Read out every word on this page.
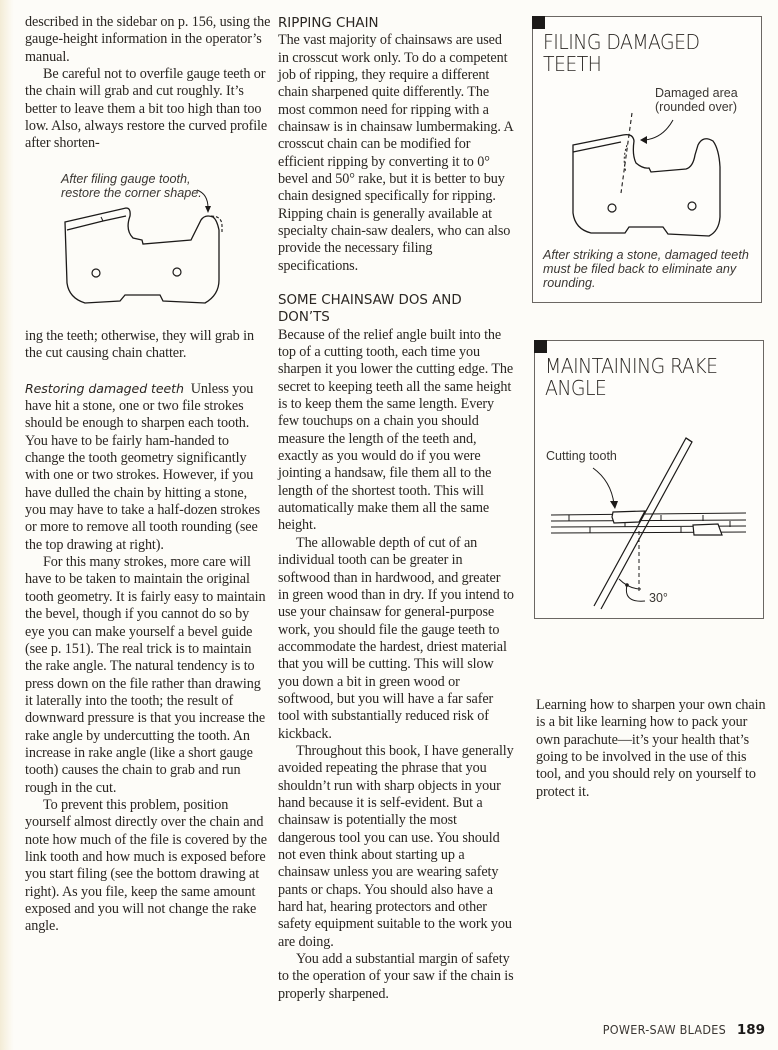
described in the sidebar on p. 156, using the gauge-height information in the operator’s manual.

Be careful not to overfile gauge teeth or the chain will grab and cut roughly. It’s better to leave them a bit too high than too low. Also, always restore the curved profile after shorten-

After filing gauge tooth,
restore the corner shape.

ing the teeth; otherwise, they will grab in the cut causing chain chatter.

Restoring damaged teeth Unless you have hit a stone, one or two file strokes should be enough to sharpen each tooth. You have to be fairly ham-handed to change the tooth geometry significantly with one or two strokes. However, if you have dulled the chain by hitting a stone, you may have to take a half-dozen strokes or more to remove all tooth rounding (see the top drawing at right).

For this many strokes, more care will have to be taken to maintain the original tooth geometry. It is fairly easy to maintain the bevel, though if you cannot do so by eye you can make yourself a bevel guide (see p. 151). The real trick is to maintain the rake angle. The natural tendency is to press down on the file rather than drawing it laterally into the tooth; the result of downward pressure is that you increase the rake angle by undercutting the tooth. An increase in rake angle (like a short gauge tooth) causes the chain to grab and run rough in the cut.

To prevent this problem, position yourself almost directly over the chain and note how much of the file is covered by the link tooth and how much is exposed before you start filing (see the bottom drawing at right). As you file, keep the same amount exposed and you will not change the rake angle.

RIPPING CHAIN

The vast majority of chainsaws are used in crosscut work only. To do a competent job of ripping, they require a different chain sharpened quite differently. The most common need for ripping with a chainsaw is in chainsaw lumbermaking. A crosscut chain can be modified for efficient ripping by converting it to 0° bevel and 50° rake, but it is better to buy chain designed specifically for ripping. Ripping chain is generally available at specialty chain-saw dealers, who can also provide the necessary filing specifications.

SOME CHAINSAW DOS AND DON’TS

Because of the relief angle built into the top of a cutting tooth, each time you sharpen it you lower the cutting edge. The secret to keeping teeth all the same height is to keep them the same length. Every few touchups on a chain you should measure the length of the teeth and, exactly as you would do if you were jointing a handsaw, file them all to the length of the shortest tooth. This will automatically make them all the same height.

The allowable depth of cut of an individual tooth can be greater in softwood than in hardwood, and greater in green wood than in dry. If you intend to use your chainsaw for general-purpose work, you should file the gauge teeth to accommodate the hardest, driest material that you will be cutting. This will slow you down a bit in green wood or softwood, but you will have a far safer tool with substantially reduced risk of kickback.

Throughout this book, I have generally avoided repeating the phrase that you shouldn’t run with sharp objects in your hand because it is self-evident. But a chainsaw is potentially the most dangerous tool you can use. You should not even think about starting up a chainsaw unless you are wearing safety pants or chaps. You should also have a hard hat, hearing protectors and other safety equipment suitable to the work you are doing.

You add a substantial margin of safety to the operation of your saw if the chain is properly sharpened.

FILING DAMAGED
TEETH
Damaged area
(rounded over)
After striking a stone, damaged teeth must be filed back to eliminate any rounding.
MAINTAINING RAKE
ANGLE
Cutting tooth
30°

Learning how to sharpen your own chain is a bit like learning how to pack your own parachute—it’s your health that’s going to be involved in the use of this tool, and you should rely on yourself to protect it.

POWER-SAW BLADES 189
